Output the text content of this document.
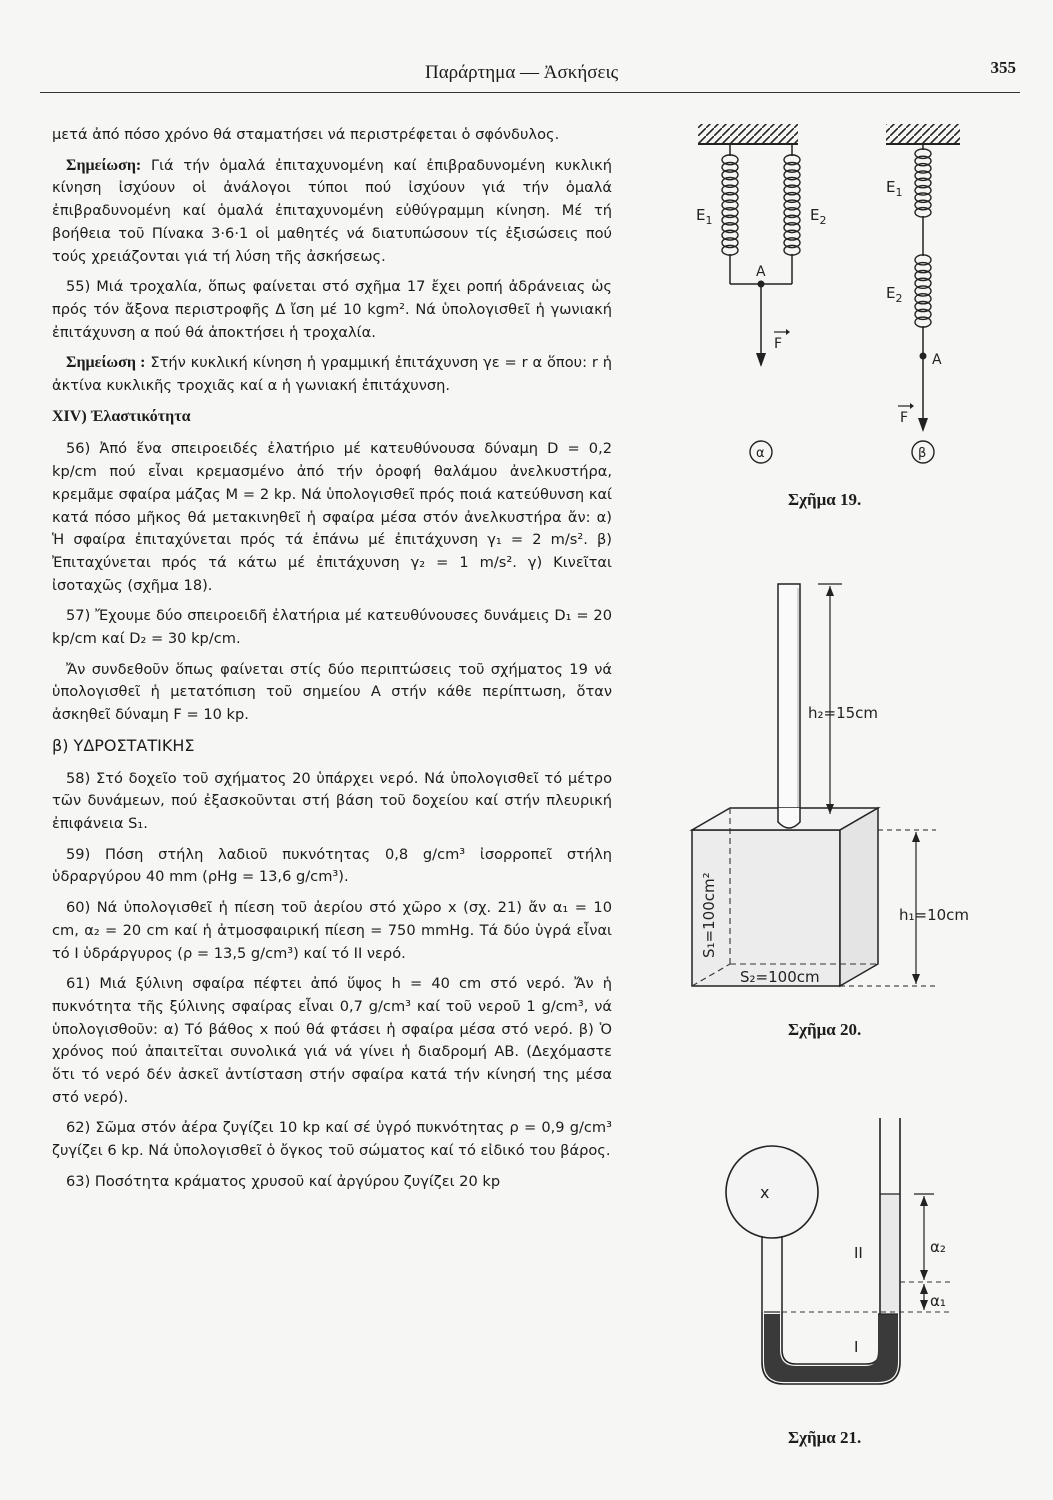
Παράρτημα — Ἀσκήσεις	355

μετά ἀπό πόσο χρόνο θά σταματήσει νά περιστρέφεται ὁ σφόνδυλος.

Σημείωση: Γιά τήν ὁμαλά ἐπιταχυνομένη καί ἐπιβραδυνομένη κυκλική κίνηση ἰσχύουν οἱ ἀνάλογοι τύποι πού ἰσχύουν γιά τήν ὁμαλά ἐπιβραδυνομένη καί ὁμαλά ἐπιταχυνομένη εὐθύγραμμη κίνηση. Μέ τή βοήθεια τοῦ Πίνακα 3·6·1 οἱ μαθητές νά διατυπώσουν τίς ἐξισώσεις πού τούς χρειάζονται γιά τή λύση τῆς ἀσκήσεως.

55) Μιά τροχαλία, ὅπως φαίνεται στό σχῆμα 17 ἔχει ροπή ἀδράνειας ὡς πρός τόν ἄξονα περιστροφῆς Δ ἴση μέ 10 kgm². Νά ὑπολογισθεῖ ἡ γωνιακή ἐπιτάχυνση α πού θά ἀποκτήσει ἡ τροχαλία.

Σημείωση : Στήν κυκλική κίνηση ἡ γραμμική ἐπιτάχυνση γε = r α ὅπου: r ἡ ἀκτίνα κυκλικῆς τροχιᾶς καί α ἡ γωνιακή ἐπιτάχυνση.

XIV) Ἐλαστικότητα

56) Ἀπό ἕνα σπειροειδές ἐλατήριο μέ κατευθύνουσα δύναμη D = 0,2 kp/cm πού εἶναι κρεμασμένο ἀπό τήν ὀροφή θαλάμου ἀνελκυστήρα, κρεμᾶμε σφαίρα μάζας M = 2 kp. Νά ὑπολογισθεῖ πρός ποιά κατεύθυνση καί κατά πόσο μῆκος θά μετακινηθεῖ ἡ σφαίρα μέσα στόν ἀνελκυστήρα ἄν: α) Ἡ σφαίρα ἐπιταχύνεται πρός τά ἐπάνω μέ ἐπιτάχυνση γ₁ = 2 m/s². β) Ἐπιταχύνεται πρός τά κάτω μέ ἐπιτάχυνση γ₂ = 1 m/s². γ) Κινεῖται ἰσοταχῶς (σχῆμα 18).

57) Ἔχουμε δύο σπειροειδῆ ἐλατήρια μέ κατευθύνουσες δυνάμεις D₁ = 20 kp/cm καί D₂ = 30 kp/cm.

Ἄν συνδεθοῦν ὅπως φαίνεται στίς δύο περιπτώσεις τοῦ σχήματος 19 νά ὑπολογισθεῖ ἡ μετατόπιση τοῦ σημείου Α στήν κάθε περίπτωση, ὅταν ἀσκηθεῖ δύναμη F = 10 kp.

β) ΥΔΡΟΣΤΑΤΙΚΗΣ

58) Στό δοχεῖο τοῦ σχήματος 20 ὑπάρχει νερό. Νά ὑπολογισθεῖ τό μέτρο τῶν δυνάμεων, πού ἐξασκοῦνται στή βάση τοῦ δοχείου καί στήν πλευρική ἐπιφάνεια S₁.

59) Πόση στήλη λαδιοῦ πυκνότητας 0,8 g/cm³ ἰσορροπεῖ στήλη ὑδραργύρου 40 mm (ρHg = 13,6 g/cm³).

60) Νά ὑπολογισθεῖ ἡ πίεση τοῦ ἀερίου στό χῶρο x (σχ. 21) ἄν α₁ = 10 cm, α₂ = 20 cm καί ἡ ἀτμοσφαιρική πίεση = 750 mmHg. Τά δύο ὑγρά εἶναι τό I ὑδράργυρος (ρ = 13,5 g/cm³) καί τό II νερό.

61) Μιά ξύλινη σφαίρα πέφτει ἀπό ὕψος h = 40 cm στό νερό. Ἄν ἡ πυκνότητα τῆς ξύλινης σφαίρας εἶναι 0,7 g/cm³ καί τοῦ νεροῦ 1 g/cm³, νά ὑπολογισθοῦν: α) Τό βάθος x πού θά φτάσει ἡ σφαίρα μέσα στό νερό. β) Ὁ χρόνος πού ἀπαιτεῖται συνολικά γιά νά γίνει ἡ διαδρομή AB. (Δεχόμαστε ὅτι τό νερό δέν ἀσκεῖ ἀντίσταση στήν σφαίρα κατά τήν κίνησή της μέσα στό νερό).

62) Σῶμα στόν ἀέρα ζυγίζει 10 kp καί σέ ὑγρό πυκνότητας ρ = 0,9 g/cm³ ζυγίζει 6 kp. Νά ὑπολογισθεῖ ὁ ὄγκος τοῦ σώματος καί τό εἰδικό του βάρος.

63) Ποσότητα κράματος χρυσοῦ καί ἀργύρου ζυγίζει 20 kp

$E_1$	$E_2$
A
F
α
$E_1$
$E_2$
A
F
β
Σχῆμα 19.
h₂=15cm
h₁=10cm
S₁=100cm²
S₂=100cm
Σχῆμα 20.
x
II
I
α₂
α₁
Σχῆμα 21.
